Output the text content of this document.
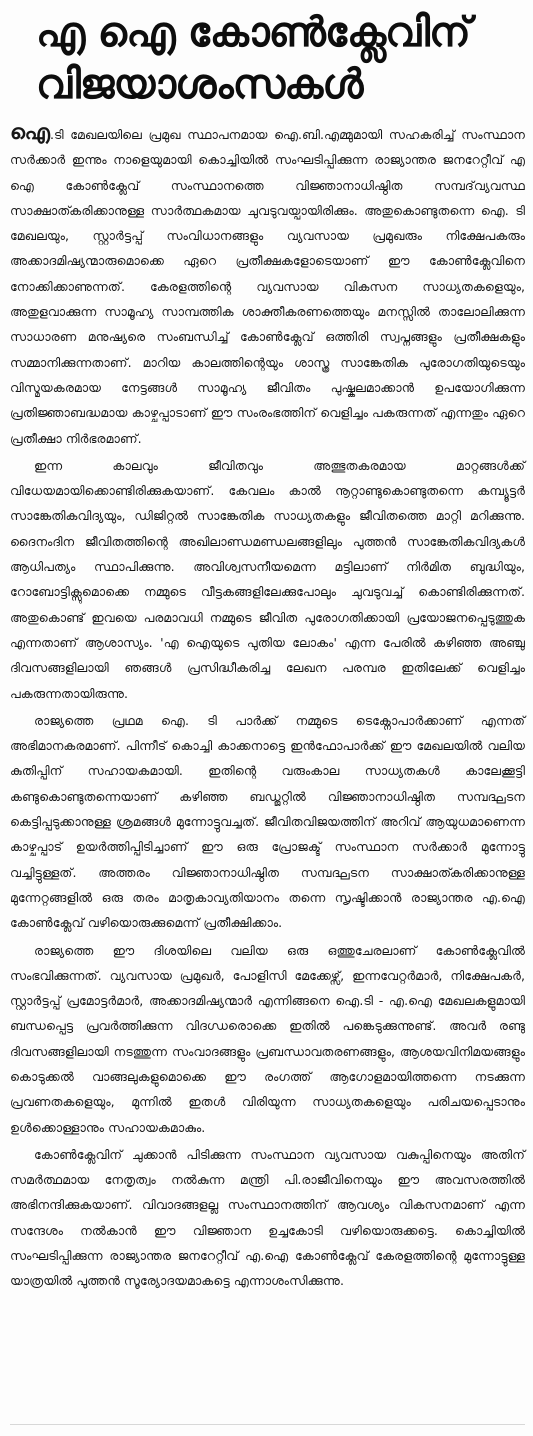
എ ഐ കോൺക്ലേവിന്
വിജയാശംസകൾ

ഐ.ടി മേഖലയിലെ പ്രമുഖ സ്ഥാപനമായ ഐ.ബി.എമ്മുമായി സഹകരിച്ച് സംസ്ഥാന സർക്കാർ ഇന്നും നാളെയുമായി കൊച്ചിയിൽ സംഘടിപ്പിക്കുന്ന രാജ്യാന്തര ജനറേറ്റീവ് എ ഐ കോൺക്ലേവ് സംസ്ഥാനത്തെ വിജ്ഞാനാധിഷ്ഠിത സമ്പദ്‌വ്യവസ്ഥ സാക്ഷാത്കരിക്കാനുള്ള സാർത്ഥകമായ ചുവടുവയ്പായിരിക്കും. അതുകൊണ്ടുതന്നെ ഐ. ടി മേഖലയും, സ്റ്റാർട്ടപ്പ് സംവിധാനങ്ങളും വ്യവസായ പ്രമുഖരും നിക്ഷേപകരും അക്കാദമിഷ്യന്മാരുമൊക്കെ ഏറെ പ്രതീക്ഷകളോടെയാണ് ഈ കോൺക്ലേവിനെ നോക്കിക്കാണുന്നത്. കേരളത്തിന്റെ വ്യവസായ വികസന സാധ്യതകളെയും, അതുളവാക്കുന്ന സാമൂഹ്യ സാമ്പത്തിക ശാക്തീകരണത്തെയും മനസ്സിൽ താലോലിക്കുന്ന സാധാരണ മനുഷ്യരെ സംബന്ധിച്ച് കോൺക്ലേവ് ഒത്തിരി സ്വപ്നങ്ങളും പ്രതീക്ഷകളും സമ്മാനിക്കുന്നതാണ്. മാറിയ കാലത്തിന്റെയും ശാസ്ത്ര സാങ്കേതിക പുരോഗതിയുടെയും വിസ്മയകരമായ നേട്ടങ്ങൾ സാമൂഹ്യ ജീവിതം പുഷ്കലമാക്കാൻ ഉപയോഗിക്കുന്ന പ്രതിജ്ഞാബദ്ധമായ കാഴ്ചപ്പാടാണ് ഈ സംരംഭത്തിന് വെളിച്ചം പകരുന്നത് എന്നതും ഏറെ പ്രതീക്ഷാ നിർഭരമാണ്.

ഇന്ന കാലവും ജീവിതവും അത്ഭുതകരമായ മാറ്റങ്ങൾക്ക് വിധേയമായിക്കൊണ്ടിരിക്കുകയാണ്. കേവലം കാൽ നൂറ്റാണ്ടുകൊണ്ടുതന്നെ കമ്പ്യൂട്ടർ സാങ്കേതികവിദ്യയും, ഡിജിറ്റൽ സാങ്കേതിക സാധ്യതകളും ജീവിതത്തെ മാറ്റി മറിക്കുന്നു. ദൈനംദിന ജീവിതത്തിന്റെ അഖിലാണ്ഡമണ്ഡലങ്ങളിലും പുത്തൻ സാങ്കേതികവിദ്യകൾ ആധിപത്യം സ്ഥാപിക്കുന്നു. അവിശ്വസനീയമെന്ന മട്ടിലാണ് നിർമിത ബുദ്ധിയും, റോബോട്ടിക്സുമൊക്കെ നമ്മുടെ വീട്ടകങ്ങളിലേക്കുപോലും ചുവടുവച്ച് കൊണ്ടിരിക്കുന്നത്. അതുകൊണ്ട് ഇവയെ പരമാവധി നമ്മുടെ ജീവിത പുരോഗതിക്കായി പ്രയോജനപ്പെടുത്തുക എന്നതാണ് ആശാസ്യം. 'എ ഐയുടെ പുതിയ ലോകം' എന്ന പേരിൽ കഴിഞ്ഞ അഞ്ചു ദിവസങ്ങളിലായി ഞങ്ങൾ പ്രസിദ്ധീകരിച്ച ലേഖന പരമ്പര ഇതിലേക്ക് വെളിച്ചം പകരുന്നതായിരുന്നു.

രാജ്യത്തെ പ്രഥമ ഐ. ടി പാർക്ക് നമ്മുടെ ടെക്നോപാർക്കാണ് എന്നത് അഭിമാനകരമാണ്. പിന്നീട് കൊച്ചി കാക്കനാട്ടെ ഇൻഫോപാർക്ക് ഈ മേഖലയിൽ വലിയ കുതിപ്പിന് സഹായകമായി. ഇതിന്റെ വരുംകാല സാധ്യതകൾ കാലേക്കൂട്ടി കണ്ടുകൊണ്ടുതന്നെയാണ് കഴിഞ്ഞ ബഡ്ജറ്റിൽ വിജ്ഞാനാധിഷ്ഠിത സമ്പദ്ഘടന കെട്ടിപ്പടുക്കാനുള്ള ശ്രമങ്ങൾ മുന്നോട്ടുവച്ചത്. ജീവിതവിജയത്തിന് അറിവ് ആയുധമാണെന്ന കാഴ്ചപ്പാട് ഉയർത്തിപ്പിടിച്ചാണ് ഈ ഒരു പ്രോജക്ട് സംസ്ഥാന സർക്കാർ മുന്നോട്ടു വച്ചിട്ടുള്ളത്. അത്തരം വിജ്ഞാനാധിഷ്ഠിത സമ്പദ്ഘടന സാക്ഷാത്കരിക്കാനുള്ള മുന്നേറ്റങ്ങളിൽ ഒരു തരം മാതൃകാവ്യതിയാനം തന്നെ സൃഷ്ടിക്കാൻ രാജ്യാന്തര എ.ഐ കോൺക്ലേവ് വഴിയൊരുക്കുമെന്ന് പ്രതീക്ഷിക്കാം.

രാജ്യത്തെ ഈ ദിശയിലെ വലിയ ഒരു ഒത്തുചേരലാണ് കോൺക്ലേവിൽ സംഭവിക്കുന്നത്. വ്യവസായ പ്രമുഖർ, പോളിസി മേക്കേഴ്സ്, ഇന്നവേറ്റർമാർ, നിക്ഷേപകർ, സ്റ്റാർട്ടപ്പ് പ്രമോട്ടർമാർ, അക്കാദമിഷ്യന്മാർ എന്നിങ്ങനെ ഐ.ടി - എ.ഐ മേഖലകളുമായി ബന്ധപ്പെട്ട പ്രവർത്തിക്കുന്ന വിദഗ്ധരൊക്കെ ഇതിൽ പങ്കെടുക്കുന്നുണ്ട്. അവർ രണ്ടു ദിവസങ്ങളിലായി നടത്തുന്ന സംവാദങ്ങളും പ്രബന്ധാവതരണങ്ങളും, ആശയവിനിമയങ്ങളും കൊടുക്കൽ വാങ്ങലുകളുമൊക്കെ ഈ രംഗത്ത് ആഗോളമായിത്തന്നെ നടക്കുന്ന പ്രവണതകളെയും, മുന്നിൽ ഇതൾ വിരിയുന്ന സാധ്യതകളെയും പരിചയപ്പെടാനും ഉൾക്കൊള്ളാനും സഹായകമാകും.

കോൺക്ലേവിന് ചുക്കാൻ പിടിക്കുന്ന സംസ്ഥാന വ്യവസായ വകുപ്പിനെയും അതിന് സമർത്ഥമായ നേതൃത്വം നൽകുന്ന മന്ത്രി പി.രാജീവിനെയും ഈ അവസരത്തിൽ അഭിനന്ദിക്കുകയാണ്. വിവാദങ്ങളല്ല സംസ്ഥാനത്തിന് ആവശ്യം വികസനമാണ് എന്ന സന്ദേശം നൽകാൻ ഈ വിജ്ഞാന ഉച്ചകോടി വഴിയൊരുക്കട്ടെ. കൊച്ചിയിൽ സംഘടിപ്പിക്കുന്ന രാജ്യാന്തര ജനറേറ്റീവ് എ.ഐ കോൺക്ലേവ് കേരളത്തിന്റെ മുന്നോട്ടുള്ള യാത്രയിൽ പുത്തൻ സൂര്യോദയമാകട്ടെ എന്നാശംസിക്കുന്നു.
